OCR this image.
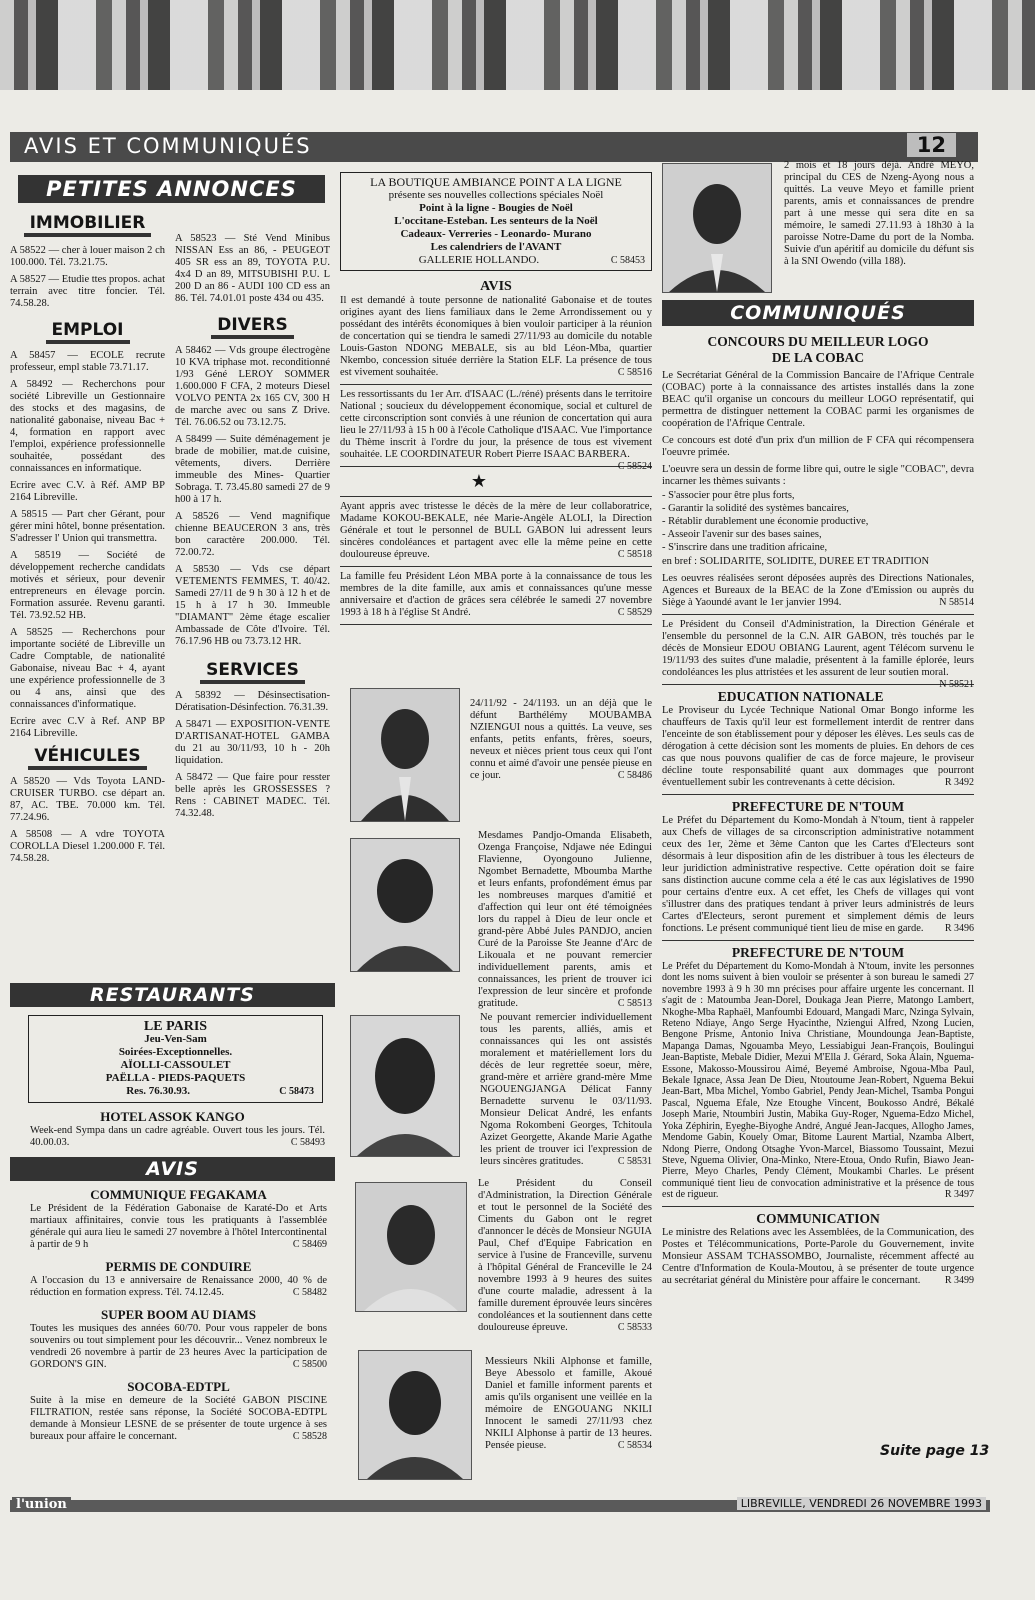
AVIS ET COMMUNIQUÉS	12
PETITES ANNONCES
IMMOBILIER

A 58522 — cher à louer maison 2 ch 100.000. Tél. 73.21.75.

A 58527 — Etudie ttes propos. achat terrain avec titre foncier. Tél. 74.58.28.

EMPLOI

A 58457 — ECOLE recrute professeur, empl stable 73.71.17.

A 58492 — Recherchons pour société Libreville un Gestionnaire des stocks et des magasins, de nationalité gabonaise, niveau Bac + 4, formation en rapport avec l'emploi, expérience professionnelle souhaitée, possédant des connaissances en informatique.

Ecrire avec C.V. à Réf. AMP BP 2164 Libreville.

A 58515 — Part cher Gérant, pour gérer mini hôtel, bonne présentation. S'adresser l' Union qui transmettra.

A 58519 — Société de développement recherche candidats motivés et sérieux, pour devenir entrepreneurs en élevage porcin. Formation assurée. Revenu garanti. Tél. 73.92.52 HB.

A 58525 — Recherchons pour importante société de Libreville un Cadre Comptable, de nationalité Gabonaise, niveau Bac + 4, ayant une expérience professionnelle de 3 ou 4 ans, ainsi que des connaissances d'informatique.

Ecrire avec C.V à Ref. ANP BP 2164 Libreville.

VÉHICULES

A 58520 — Vds Toyota LAND-CRUISER TURBO. cse départ an. 87, AC. TBE. 70.000 km. Tél. 77.24.96.

A 58508 — A vdre TOYOTA COROLLA Diesel 1.200.000 F. Tél. 74.58.28.

A 58523 — Sté Vend Minibus NISSAN Ess an 86, - PEUGEOT 405 SR ess an 89, TOYOTA P.U. 4x4 D an 89, MITSUBISHI P.U. L 200 D an 86 - AUDI 100 CD ess an 86. Tél. 74.01.01 poste 434 ou 435.

DIVERS

A 58462 — Vds groupe électrogène 10 KVA triphase mot. reconditionné 1/93 Géné LEROY SOMMER 1.600.000 F CFA, 2 moteurs Diesel VOLVO PENTA 2x 165 CV, 300 H de marche avec ou sans Z Drive. Tél. 76.06.52 ou 73.12.75.

A 58499 — Suite déménagement je brade de mobilier, mat.de cuisine, vêtements, divers. Derrière immeuble des Mines- Quartier Sobraga. T. 73.45.80 samedi 27 de 9 h00 à 17 h.

A 58526 — Vend magnifique chienne BEAUCERON 3 ans, très bon caractère 200.000. Tél. 72.00.72.

A 58530 — Vds cse départ VETEMENTS FEMMES, T. 40/42. Samedi 27/11 de 9 h 30 à 12 h et de 15 h à 17 h 30. Immeuble "DIAMANT" 2ème étage escalier Ambassade de Côte d'Ivoire. Tél. 76.17.96 HB ou 73.73.12 HR.

SERVICES

A 58392 — Désinsectisation-Dératisation-Désinfection. 76.31.39.

A 58471 — EXPOSITION-VENTE D'ARTISANAT-HOTEL GAMBA du 21 au 30/11/93, 10 h - 20h liquidation.

A 58472 — Que faire pour resster belle après les GROSSESSES ? Rens : CABINET MADEC. Tél. 74.32.48.

RESTAURANTS
LE PARIS
Jeu-Ven-Sam
Soirées-Exceptionnelles.
AÏOLLI-CASSOULET
PAËLLA - PIEDS-PAQUETS
Res. 76.30.93.	C 58473
HOTEL ASSOK KANGO

Week-end Sympa dans un cadre agréable. Ouvert tous les jours. Tél. 40.00.03.	C 58493

AVIS
COMMUNIQUE FEGAKAMA

Le Président de la Fédération Gabonaise de Karaté-Do et Arts martiaux affinitaires, convie tous les pratiquants à l'assemblée générale qui aura lieu le samedi 27 novembre à l'hôtel Intercontinental à partir de 9 h	C 58469

PERMIS DE CONDUIRE

A l'occasion du 13 e anniversaire de Renaissance 2000, 40 % de réduction en formation express. Tél. 74.12.45.	C 58482

SUPER BOOM AU DIAMS

Toutes les musiques des années 60/70. Pour vous rappeler de bons souvenirs ou tout simplement pour les découvrir... Venez nombreux le vendredi 26 novembre à partir de 23 heures Avec la participation de GORDON'S GIN.	C 58500

SOCOBA-EDTPL

Suite à la mise en demeure de la Société GABON PISCINE FILTRATION, restée sans réponse, la Société SOCOBA-EDTPL demande à Monsieur LESNE de se présenter de toute urgence à ses bureaux pour affaire le concernant.	C 58528

LA BOUTIQUE AMBIANCE POINT A LA LIGNE
présente ses nouvelles collections spéciales Noël
Point à la ligne - Bougies de Noël
L'occitane-Esteban. Les senteurs de la Noël
Cadeaux- Verreries - Leonardo- Murano
Les calendriers de l'AVANT
GALLERIE HOLLANDO.	C 58453
AVIS

Il est demandé à toute personne de nationalité Gabonaise et de toutes origines ayant des liens familiaux dans le 2eme Arrondissement ou y possédant des intérêts économiques à bien vouloir participer à la réunion de concertation qui se tiendra le samedi 27/11/93 au domicile du notable Louis-Gaston NDONG MEBALE, sis au bld Léon-Mba, quartier Nkembo, concession située derrière la Station ELF. La présence de tous est vivement souhaitée.	C 58516

Les ressortissants du 1er Arr. d'ISAAC (L./réné) présents dans le territoire National ; soucieux du développement économique, social et culturel de cette circonscription sont conviés à une réunion de concertation qui aura lieu le 27/11/93 à 15 h 00 à l'école Catholique d'ISAAC. Vue l'importance du Thème inscrit à l'ordre du jour, la présence de tous est vivement souhaitée. LE COORDINATEUR Robert Pierre ISAAC BARBERA.
C 58524

★

Ayant appris avec tristesse le décès de la mère de leur collaboratrice, Madame KOKOU-BEKALE, née Marie-Angèle ALOLI, la Direction Générale et tout le personnel de BULL GABON lui adressent leurs sincères condoléances et partagent avec elle la même peine en cette douloureuse épreuve.	C 58518

La famille feu Président Léon MBA porte à la connaissance de tous les membres de la dite famille, aux amis et connaissances qu'une messe anniversaire et d'action de grâces sera célébrée le samedi 27 novembre 1993 à 18 h à l'église St André.	C 58529

24/11/92 - 24/1193. un an déjà que le défunt Barthélémy MOUBAMBA NZIENGUI nous a quittés. La veuve, ses enfants, petits enfants, frères, soeurs, neveux et nièces prient tous ceux qui l'ont connu et aimé d'avoir une pensée pieuse en ce jour.	C 58486

Mesdames Pandjo-Omanda Elisabeth, Ozenga Françoise, Ndjawe née Edingui Flavienne, Oyongouno Julienne, Ngombet Bernadette, Mboumba Marthe et leurs enfants, profondément émus par les nombreuses marques d'amitié et d'affection qui leur ont été témoignées lors du rappel à Dieu de leur oncle et grand-père Abbé Jules PANDJO, ancien Curé de la Paroisse Ste Jeanne d'Arc de Likouala et ne pouvant remercier individuellement parents, amis et connaissances, les prient de trouver ici l'expression de leur sincère et profonde gratitude.	C 58513

Ne pouvant remercier individuellement tous les parents, alliés, amis et connaissances qui les ont assistés moralement et matériellement lors du décès de leur regrettée soeur, mère, grand-mère et arrière grand-mère Mme NGOUENGJANGA Délicat Fanny Bernadette survenu le 03/11/93. Monsieur Delicat André, les enfants Ngoma Rokombeni Georges, Tchitoula Azizet Georgette, Akande Marie Agathe les prient de trouver ici l'expression de leurs sincères gratitudes.	C 58531

Le Président du Conseil d'Administration, la Direction Générale et tout le personnel de la Société des Ciments du Gabon ont le regret d'annoncer le décès de Monsieur NGUIA Paul, Chef d'Equipe Fabrication en service à l'usine de Franceville, survenu à l'hôpital Général de Franceville le 24 novembre 1993 à 9 heures des suites d'une courte maladie, adressent à la famille durement éprouvée leurs sincères condoléances et la soutiennent dans cette douloureuse épreuve.	C 58533

Messieurs Nkili Alphonse et famille, Beye Abessolo et famille, Akoué Daniel et famille informent parents et amis qu'ils organisent une veillée en la mémoire de ENGOUANG NKILI Innocent le samedi 27/11/93 chez NKILI Alphonse à partir de 13 heures. Pensée pieuse.	C 58534

2 mois et 18 jours déjà. André MEYO, principal du CES de Nzeng-Ayong nous a quittés. La veuve Meyo et famille prient parents, amis et connaissances de prendre part à une messe qui sera dite en sa mémoire, le samedi 27.11.93 à 18h30 à la paroisse Notre-Dame du port de la Nomba. Suivie d'un apéritif au domicile du défunt sis à la SNI Owendo (villa 188).

COMMUNIQUÉS
CONCOURS DU MEILLEUR LOGO DE LA COBAC

Le Secrétariat Général de la Commission Bancaire de l'Afrique Centrale (COBAC) porte à la connaissance des artistes installés dans la zone BEAC qu'il organise un concours du meilleur LOGO représentatif, qui permettra de distinguer nettement la COBAC parmi les organismes de coopération de l'Afrique Centrale.

Ce concours est doté d'un prix d'un million de F CFA qui récompensera l'oeuvre primée.

L'oeuvre sera un dessin de forme libre qui, outre le sigle "COBAC", devra incarner les thèmes suivants :

- S'associer pour être plus forts,

- Garantir la solidité des systèmes bancaires,

- Rétablir durablement une économie productive,

- Asseoir l'avenir sur des bases saines,

- S'inscrire dans une tradition africaine,

en bref : SOLIDARITE, SOLIDITE, DUREE ET TRADITION

Les oeuvres réalisées seront déposées auprès des Directions Nationales, Agences et Bureaux de la BEAC de la Zone d'Emission ou auprès du Siège à Yaoundé avant le 1er janvier 1994.	N 58514

Le Président du Conseil d'Administration, la Direction Générale et l'ensemble du personnel de la C.N. AIR GABON, très touchés par le décès de Monsieur EDOU OBIANG Laurent, agent Télécom survenu le 19/11/93 des suites d'une maladie, présentent à la famille éplorée, leurs condoléances les plus attristées et les assurent de leur soutien moral.
N 58521

EDUCATION NATIONALE

Le Proviseur du Lycée Technique National Omar Bongo informe les chauffeurs de Taxis qu'il leur est formellement interdit de rentrer dans l'enceinte de son établissement pour y déposer les élèves. Les seuls cas de dérogation à cette décision sont les moments de pluies. En dehors de ces cas que nous pouvons qualifier de cas de force majeure, le proviseur décline toute responsabilité quant aux dommages que pourront éventuellement subir les contrevenants à cette décision.	R 3492

PREFECTURE DE N'TOUM

Le Préfet du Département du Komo-Mondah à N'toum, tient à rappeler aux Chefs de villages de sa circonscription administrative notamment ceux des 1er, 2ème et 3ème Canton que les Cartes d'Electeurs sont désormais à leur disposition afin de les distribuer à tous les électeurs de leur juridiction administrative respective. Cette opération doit se faire sans distinction aucune comme cela a été le cas aux législatives de 1990 pour certains d'entre eux. A cet effet, les Chefs de villages qui vont s'illustrer dans des pratiques tendant à priver leurs administrés de leurs Cartes d'Electeurs, seront purement et simplement démis de leurs fonctions. Le présent communiqué tient lieu de mise en garde. R 3496

PREFECTURE DE N'TOUM

Le Préfet du Département du Komo-Mondah à N'toum, invite les personnes dont les noms suivent à bien vouloir se présenter à son bureau le samedi 27 novembre 1993 à 9 h 30 mn précises pour affaire urgente les concernant. Il s'agit de : Matoumba Jean-Dorel, Doukaga Jean Pierre, Matongo Lambert, Nkoghe-Mba Raphaël, Manfoumbi Edouard, Mangadi Marc, Nzinga Sylvain, Reteno Ndiaye, Ango Serge Hyacinthe, Nziengui Alfred, Nzong Lucien, Bengone Prisme, Antonio Iniva Christiane, Moundounga Jean-Baptiste, Mapanga Damas, Ngouamba Meyo, Lessiabigui Jean-François, Boulingui Jean-Baptiste, Mebale Didier, Mezui M'Ella J. Gérard, Soka Alain, Nguema-Essone, Makosso-Moussirou Aimé, Beyemé Ambroise, Ngoua-Mba Paul, Bekale Ignace, Assa Jean De Dieu, Ntoutoume Jean-Robert, Nguema Bekui Jean-Bart, Mba Michel, Yombo Gabriel, Pendy Jean-Michel, Tsamba Pongui Pascal, Nguema Efale, Nze Etoughe Vincent, Boukosso André, Békalé Joseph Marie, Ntoumbiri Justin, Mabika Guy-Roger, Nguema-Edzo Michel, Yoka Zéphirin, Eyeghe-Biyoghe André, Angué Jean-Jacques, Allogho James, Mendome Gabin, Kouely Omar, Bitome Laurent Martial, Nzamba Albert, Ndong Pierre, Ondong Otsaghe Yvon-Marcel, Biassomo Toussaint, Mezui Steve, Nguema Olivier, Ona-Minko, Ntere-Etoua, Ondo Rufin, Biawo Jean-Pierre, Meyo Charles, Pendy Clément, Moukambi Charles. Le présent communiqué tient lieu de convocation administrative et la présence de tous est de rigueur.	R 3497

COMMUNICATION

Le ministre des Relations avec les Assemblées, de la Communication, des Postes et Télécommunications, Porte-Parole du Gouvernement, invite Monsieur ASSAM TCHASSOMBO, Journaliste, récemment affecté au Centre d'Information de Koula-Moutou, à se présenter de toute urgence au secrétariat général du Ministère pour affaire le concernant. R 3499

Suite page 13
l'union	LIBREVILLE, VENDREDI 26 NOVEMBRE 1993
